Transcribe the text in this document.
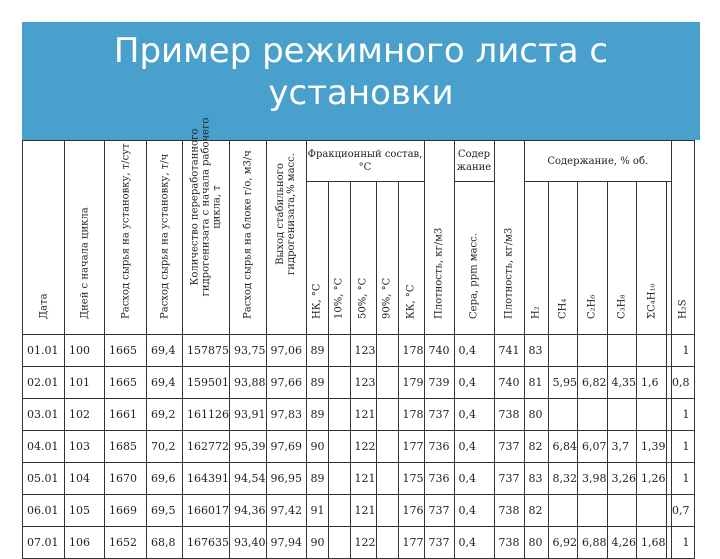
Пример режимного листа с установки
Дата	Дней с начала цикла	Расход сырья на установку, т/сут	Расход сырья на установку, т/ч	Количество переработанного гидрогенизата с начала рабочего цикла, т	Расход сырья на блоке г/о, м3/ч	Выход стабильного гидрогенизата,% масс.	Фракционный состав, °С					Плотность, кг/м3	Содер жание	Плотность, кг/м3	Содержание, % об.						H₂S

							НК, °С	10%, °С	50%, °С	90%, °С	КК, °С		Сера, ppm масс.		H₂	CH₄	C₂H₆	C₃H₈	ΣC₄H₁₀		

01.01	100	1665	69,4	157875	93,75	97,06	89		123		178	740	0,4	741	83						1
02.01	101	1665	69,4	159501	93,88	97,66	89		123		179	739	0,4	740	81	5,95	6,82	4,35	1,6		0,8
03.01	102	1661	69,2	161126	93,91	97,83	89		121		178	737	0,4	738	80						1
04.01	103	1685	70,2	162772	95,39	97,69	90		122		177	736	0,4	737	82	6,84	6,07	3,7	1,39		1
05.01	104	1670	69,6	164391	94,54	96,95	89		121		175	736	0,4	737	83	8,32	3,98	3,26	1,26		1
06.01	105	1669	69,5	166017	94,36	97,42	91		121		176	737	0,4	738	82						0,7
07.01	106	1652	68,8	167635	93,40	97,94	90		122		177	737	0,4	738	80	6,92	6,88	4,26	1,68		1
